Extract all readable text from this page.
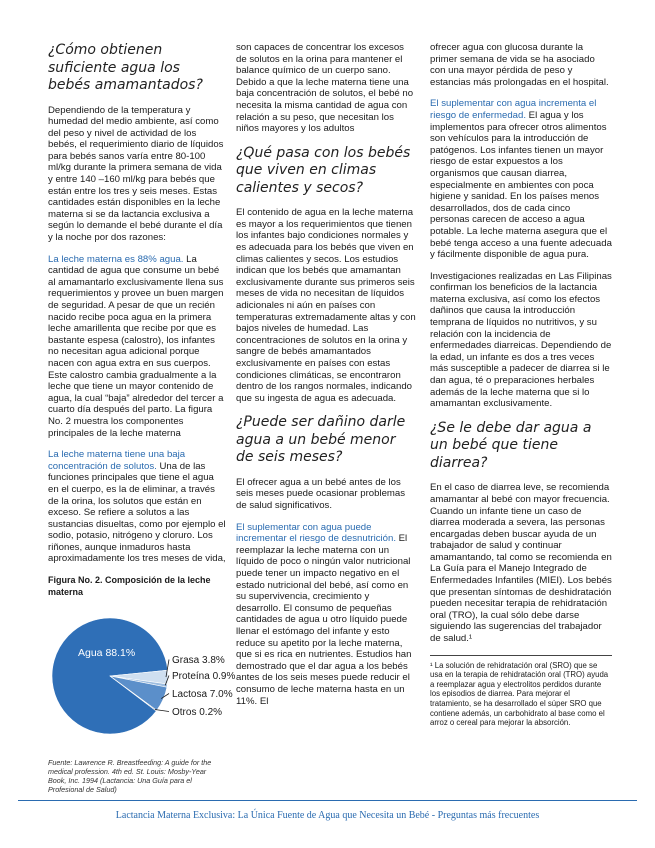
¿Cómo obtienen suficiente agua los bebés amamantados?

Dependiendo de la temperatura y humedad del medio ambiente, así como del peso y nivel de actividad de los bebés, el requerimiento diario de líquidos para bebés sanos varía entre 80-100 ml/kg durante la primera semana de vida y entre 140 –160 ml/kg para bebés que están entre los tres y seis meses. Estas cantidades están disponibles en la leche materna si se da lactancia exclusiva a según lo demande el bebé durante el día y la noche por dos razones:

La leche materna es 88% agua. La cantidad de agua que consume un bebé al amamantarlo exclusivamente llena sus requerimientos y provee un buen margen de seguridad. A pesar de que un recién nacido recibe poca agua en la primera leche amarillenta que recibe por que es bastante espesa (calostro), los infantes no necesitan agua adicional porque nacen con agua extra en sus cuerpos. Este calostro cambia gradualmente a la leche que tiene un mayor contenido de agua, la cual “baja” alrededor del tercer a cuarto día después del parto. La figura No. 2 muestra los componentes principales de la leche materna

La leche materna tiene una baja concentración de solutos. Una de las funciones principales que tiene el agua en el cuerpo, es la de eliminar, a través de la orina, los solutos que están en exceso. Se refiere a solutos a las sustancias disueltas, como por ejemplo el sodio, potasio, nitrógeno y cloruro. Los riñones, aunque inmaduros hasta aproximadamente los tres meses de vida,

Figura No. 2. Composición de la leche materna
Agua 88.1%
Grasa 3.8%
Proteína 0.9%
Lactosa 7.0%
Otros 0.2%
Fuente: Lawrence R. Breastfeeding: A guide for the medical profession. 4th ed. St. Louis: Mosby-Year Book, Inc. 1994 (Lactancia: Una Guía para el Profesional de Salud)

son capaces de concentrar los excesos de solutos en la orina para mantener el balance químico de un cuerpo sano. Debido a que la leche materna tiene una baja concentración de solutos, el bebé no necesita la misma cantidad de agua con relación a su peso, que necesitan los niños mayores y los adultos

¿Qué pasa con los bebés que viven en climas calientes y secos?

El contenido de agua en la leche materna es mayor a los requerimientos que tienen los infantes bajo condiciones normales y es adecuada para los bebés que viven en climas calientes y secos. Los estudios indican que los bebés que amamantan exclusivamente durante sus primeros seis meses de vida no necesitan de líquidos adicionales ni aún en países con temperaturas extremadamente altas y con bajos niveles de humedad. Las concentraciones de solutos en la orina y sangre de bebés amamantados exclusivamente en países con estas condiciones climáticas, se encontraron dentro de los rangos normales, indicando que su ingesta de agua es adecuada.

¿Puede ser dañino darle agua a un bebé menor de seis meses?

El ofrecer agua a un bebé antes de los seis meses puede ocasionar problemas de salud significativos.

El suplementar con agua puede incrementar el riesgo de desnutrición. El reemplazar la leche materna con un líquido de poco o ningún valor nutricional puede tener un impacto negativo en el estado nutricional del bebé, así como en su supervivencia, crecimiento y desarrollo. El consumo de pequeñas cantidades de agua u otro líquido puede llenar el estómago del infante y esto reduce su apetito por la leche materna, que si es rica en nutrientes. Estudios han demostrado que el dar agua a los bebés antes de los seis meses puede reducir el consumo de leche materna hasta en un 11%. El

ofrecer agua con glucosa durante la primer semana de vida se ha asociado con una mayor pérdida de peso y estancias más prolongadas en el hospital.

El suplementar con agua incrementa el riesgo de enfermedad. El agua y los implementos para ofrecer otros alimentos son vehículos para la introducción de patógenos. Los infantes tienen un mayor riesgo de estar expuestos a los organismos que causan diarrea, especialmente en ambientes con poca higiene y sanidad. En los países menos desarrollados, dos de cada cinco personas carecen de acceso a agua potable. La leche materna asegura que el bebé tenga acceso a una fuente adecuada y fácilmente disponible de agua pura.

Investigaciones realizadas en Las Filipinas confirman los beneficios de la lactancia materna exclusiva, así como los efectos dañinos que causa la introducción temprana de líquidos no nutritivos, y su relación con la incidencia de enfermedades diarreicas. Dependiendo de la edad, un infante es dos a tres veces más susceptible a padecer de diarrea si le dan agua, té o preparaciones herbales además de la leche materna que si lo amamantan exclusivamente.

¿Se le debe dar agua a un bebé que tiene diarrea?

En el caso de diarrea leve, se recomienda amamantar al bebé con mayor frecuencia. Cuando un infante tiene un caso de diarrea moderada a severa, las personas encargadas deben buscar ayuda de un trabajador de salud y continuar amamantando, tal como se recomienda en La Guía para el Manejo Integrado de Enfermedades Infantiles (MIEI). Los bebés que presentan síntomas de deshidratación pueden necesitar terapia de rehidratación oral (TRO), la cual sólo debe darse siguiendo las sugerencias del trabajador de salud.¹

¹ La solución de rehidratación oral (SRO) que se usa en la terapia de rehidratación oral (TRO) ayuda a reemplazar agua y electrolitos perdidos durante los episodios de diarrea. Para mejorar el tratamiento, se ha desarrollado el súper SRO que contiene además, un carbohidrato al base como el arroz o cereal para mejorar la absorción.
Lactancia Materna Exclusiva: La Única Fuente de Agua que Necesita un Bebé - Preguntas más frecuentes
